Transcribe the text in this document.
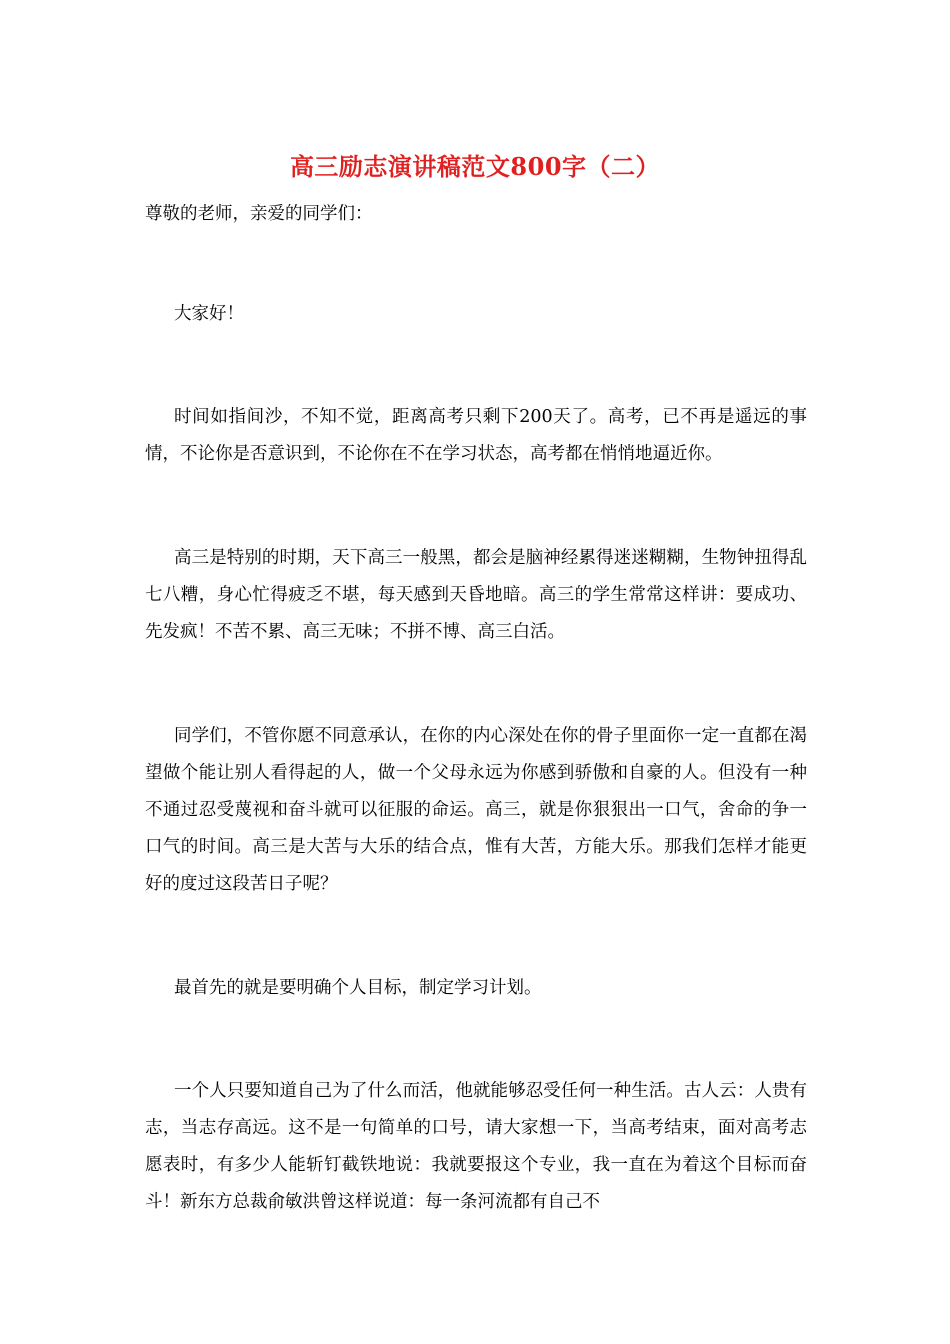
高三励志演讲稿范文800字（二）
尊敬的老师，亲爱的同学们：
大家好！
时间如指间沙，不知不觉，距离高考只剩下200天了。高考，已不再是遥远的事情，不论你是否意识到，不论你在不在学习状态，高考都在悄悄地逼近你。
高三是特别的时期，天下高三一般黑，都会是脑神经累得迷迷糊糊，生物钟扭得乱七八糟，身心忙得疲乏不堪，每天感到天昏地暗。高三的学生常常这样讲：要成功、先发疯！不苦不累、高三无味；不拼不博、高三白活。
同学们，不管你愿不同意承认，在你的内心深处在你的骨子里面你一定一直都在渴望做个能让别人看得起的人，做一个父母永远为你感到骄傲和自豪的人。但没有一种不通过忍受蔑视和奋斗就可以征服的命运。高三，就是你狠狠出一口气，舍命的争一口气的时间。高三是大苦与大乐的结合点，惟有大苦，方能大乐。那我们怎样才能更好的度过这段苦日子呢？
最首先的就是要明确个人目标，制定学习计划。
一个人只要知道自己为了什么而活，他就能够忍受任何一种生活。古人云：人贵有志，当志存高远。这不是一句简单的口号，请大家想一下，当高考结束，面对高考志愿表时，有多少人能斩钉截铁地说：我就要报这个专业，我一直在为着这个目标而奋斗！新东方总裁俞敏洪曾这样说道：每一条河流都有自己不
